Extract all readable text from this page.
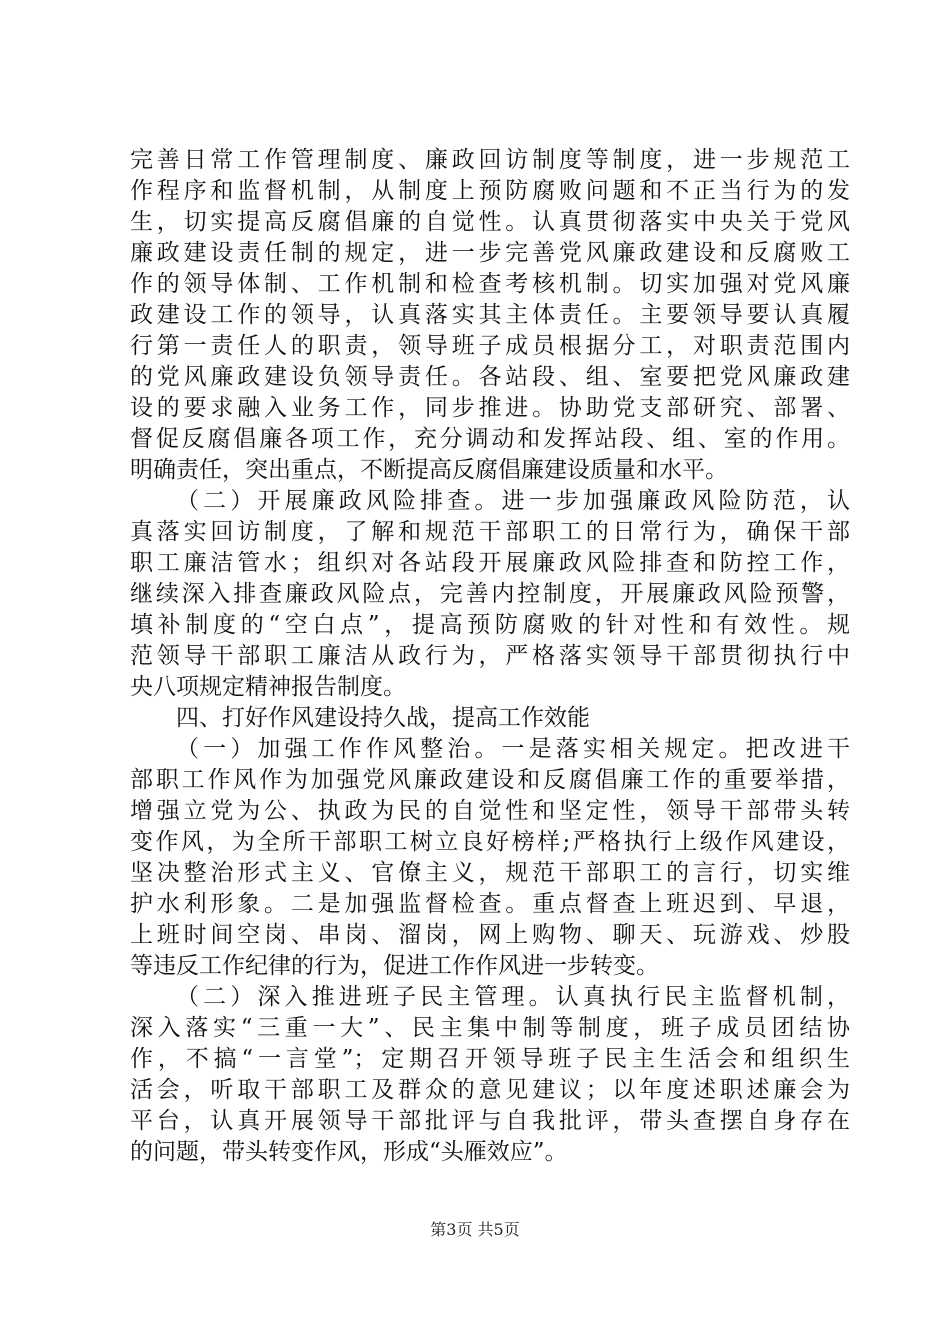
完善日常工作管理制度、廉政回访制度等制度，进一步规范工
作程序和监督机制，从制度上预防腐败问题和不正当行为的发
生，切实提高反腐倡廉的自觉性。认真贯彻落实中央关于党风
廉政建设责任制的规定，进一步完善党风廉政建设和反腐败工
作的领导体制、工作机制和检查考核机制。切实加强对党风廉
政建设工作的领导，认真落实其主体责任。主要领导要认真履
行第一责任人的职责，领导班子成员根据分工，对职责范围内
的党风廉政建设负领导责任。各站段、组、室要把党风廉政建
设的要求融入业务工作，同步推进。协助党支部研究、部署、
督促反腐倡廉各项工作，充分调动和发挥站段、组、室的作用。
明确责任，突出重点，不断提高反腐倡廉建设质量和水平。
（二）开展廉政风险排查。进一步加强廉政风险防范，认
真落实回访制度，了解和规范干部职工的日常行为，确保干部
职工廉洁管水；组织对各站段开展廉政风险排查和防控工作，
继续深入排查廉政风险点，完善内控制度，开展廉政风险预警，
填补制度的“空白点”，提高预防腐败的针对性和有效性。规
范领导干部职工廉洁从政行为，严格落实领导干部贯彻执行中
央八项规定精神报告制度。
四、打好作风建设持久战，提高工作效能
（一）加强工作作风整治。一是落实相关规定。把改进干
部职工作风作为加强党风廉政建设和反腐倡廉工作的重要举措，
增强立党为公、执政为民的自觉性和坚定性，领导干部带头转
变作风，为全所干部职工树立良好榜样;严格执行上级作风建设，
坚决整治形式主义、官僚主义，规范干部职工的言行，切实维
护水利形象。二是加强监督检查。重点督查上班迟到、早退，
上班时间空岗、串岗、溜岗，网上购物、聊天、玩游戏、炒股
等违反工作纪律的行为，促进工作作风进一步转变。
（二）深入推进班子民主管理。认真执行民主监督机制，
深入落实“三重一大”、民主集中制等制度，班子成员团结协
作，不搞“一言堂”；定期召开领导班子民主生活会和组织生
活会，听取干部职工及群众的意见建议；以年度述职述廉会为
平台，认真开展领导干部批评与自我批评，带头查摆自身存在
的问题，带头转变作风，形成“头雁效应”。
第3页 共5页
